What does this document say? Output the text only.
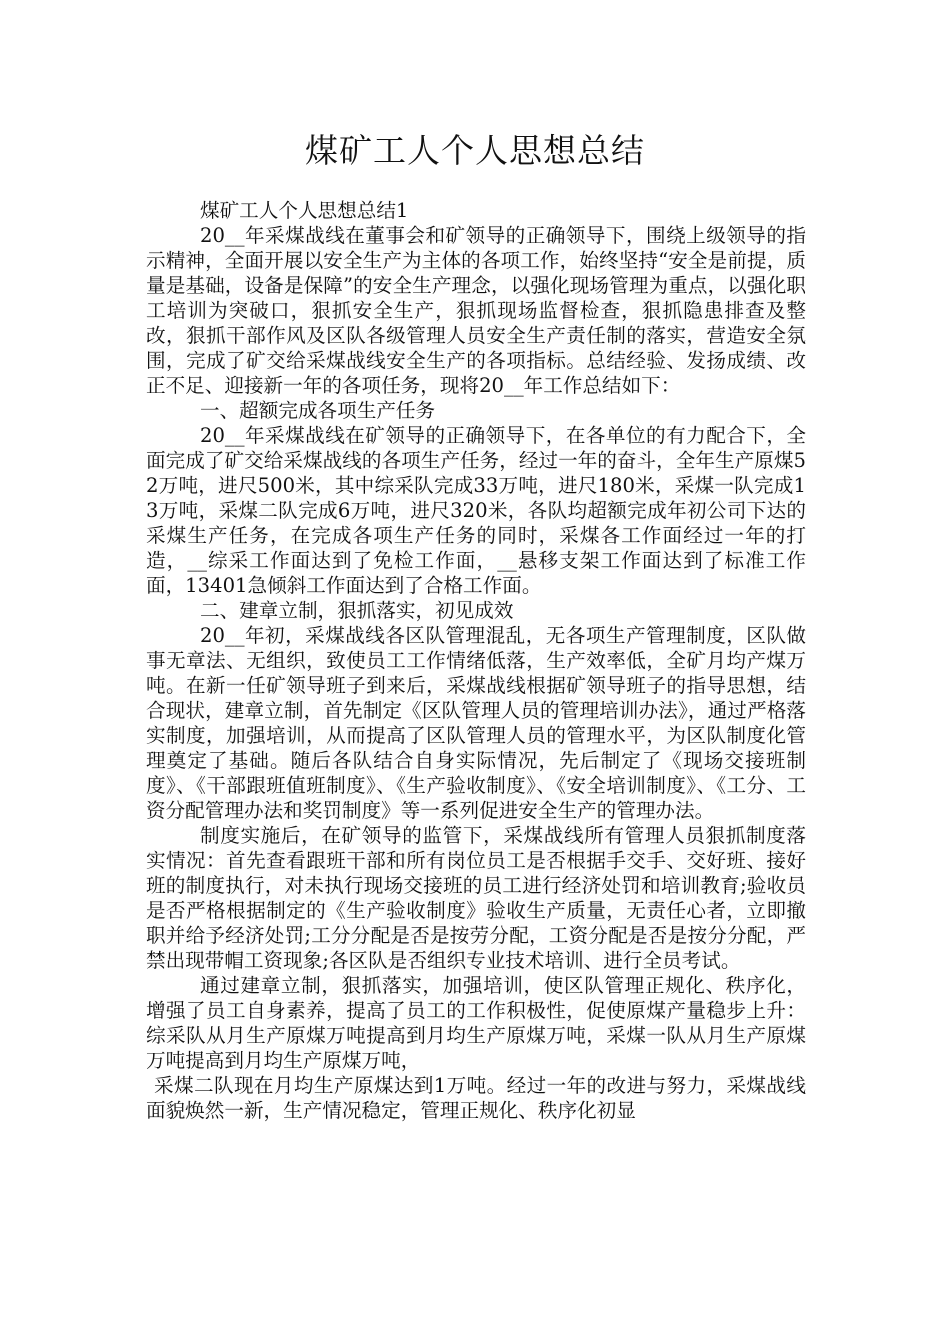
煤矿工人个人思想总结

煤矿工人个人思想总结1

20__年采煤战线在董事会和矿领导的正确领导下，围绕上级领导的指示精神，全面开展以安全生产为主体的各项工作，始终坚持“安全是前提，质量是基础，设备是保障”的安全生产理念，以强化现场管理为重点，以强化职工培训为突破口，狠抓安全生产，狠抓现场监督检查，狠抓隐患排查及整改，狠抓干部作风及区队各级管理人员安全生产责任制的落实，营造安全氛围，完成了矿交给采煤战线安全生产的各项指标。总结经验、发扬成绩、改正不足、迎接新一年的各项任务，现将20__年工作总结如下：

一、超额完成各项生产任务

20__年采煤战线在矿领导的正确领导下，在各单位的有力配合下，全面完成了矿交给采煤战线的各项生产任务，经过一年的奋斗，全年生产原煤52万吨，进尺500米，其中综采队完成33万吨，进尺180米，采煤一队完成13万吨，采煤二队完成6万吨，进尺320米，各队均超额完成年初公司下达的采煤生产任务，在完成各项生产任务的同时，采煤各工作面经过一年的打造，__综采工作面达到了免检工作面，__悬移支架工作面达到了标准工作面，13401急倾斜工作面达到了合格工作面。

二、建章立制，狠抓落实，初见成效

20__年初，采煤战线各区队管理混乱，无各项生产管理制度，区队做事无章法、无组织，致使员工工作情绪低落，生产效率低，全矿月均产煤万吨。在新一任矿领导班子到来后，采煤战线根据矿领导班子的指导思想，结合现状，建章立制，首先制定《区队管理人员的管理培训办法》，通过严格落实制度，加强培训，从而提高了区队管理人员的管理水平，为区队制度化管理奠定了基础。随后各队结合自身实际情况，先后制定了《现场交接班制度》、《干部跟班值班制度》、《生产验收制度》、《安全培训制度》、《工分、工资分配管理办法和奖罚制度》等一系列促进安全生产的管理办法。

制度实施后，在矿领导的监管下，采煤战线所有管理人员狠抓制度落实情况：首先查看跟班干部和所有岗位员工是否根据手交手、交好班、接好班的制度执行，对未执行现场交接班的员工进行经济处罚和培训教育;验收员是否严格根据制定的《生产验收制度》验收生产质量，无责任心者，立即撤职并给予经济处罚;工分分配是否是按劳分配，工资分配是否是按分分配，严禁出现带帽工资现象;各区队是否组织专业技术培训、进行全员考试。

通过建章立制，狠抓落实，加强培训，使区队管理正规化、秩序化，增强了员工自身素养，提高了员工的工作积极性，促使原煤产量稳步上升：综采队从月生产原煤万吨提高到月均生产原煤万吨，采煤一队从月生产原煤万吨提高到月均生产原煤万吨，

采煤二队现在月均生产原煤达到1万吨。经过一年的改进与努力，采煤战线面貌焕然一新，生产情况稳定，管理正规化、秩序化初显
